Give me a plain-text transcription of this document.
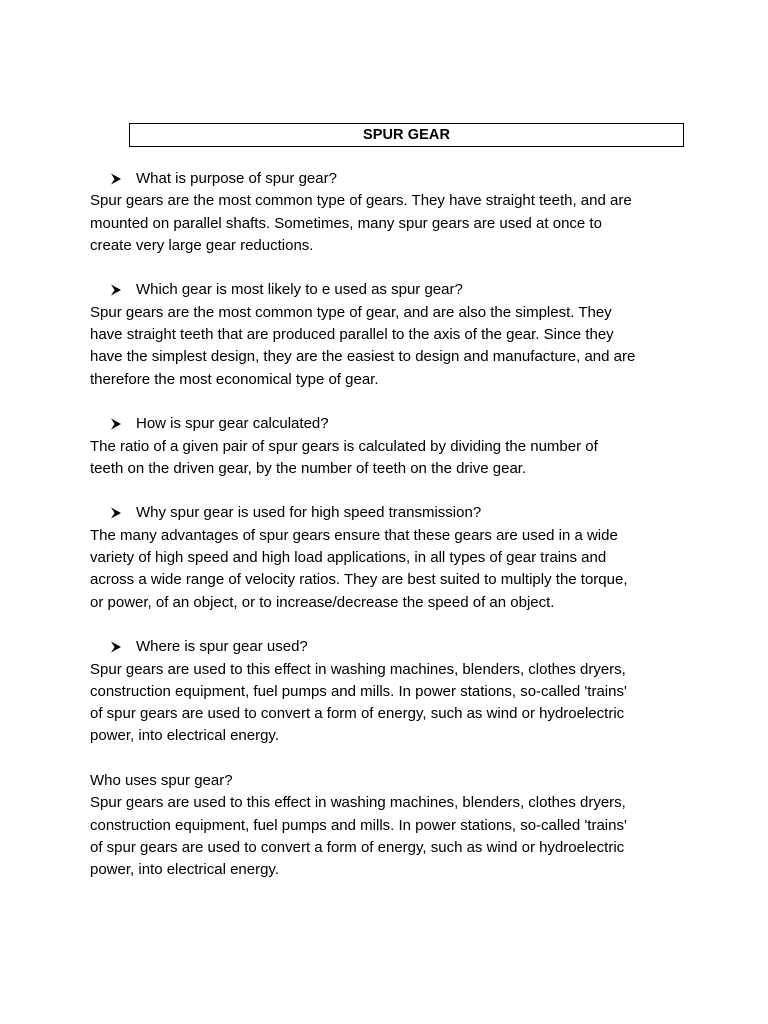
SPUR GEAR
What is purpose of spur gear?
Spur gears are the most common type of gears. They have straight teeth, and are
mounted on parallel shafts. Sometimes, many spur gears are used at once to
create very large gear reductions.
Which gear is most likely to e used as spur gear?
Spur gears are the most common type of gear, and are also the simplest. They
have straight teeth that are produced parallel to the axis of the gear. Since they
have the simplest design, they are the easiest to design and manufacture, and are
therefore the most economical type of gear.
How is spur gear calculated?
The ratio of a given pair of spur gears is calculated by dividing the number of
teeth on the driven gear, by the number of teeth on the drive gear.
Why spur gear is used for high speed transmission?
The many advantages of spur gears ensure that these gears are used in a wide
variety of high speed and high load applications, in all types of gear trains and
across a wide range of velocity ratios. They are best suited to multiply the torque,
or power, of an object, or to increase/decrease the speed of an object.
Where is spur gear used?
Spur gears are used to this effect in washing machines, blenders, clothes dryers,
construction equipment, fuel pumps and mills. In power stations, so-called 'trains'
of spur gears are used to convert a form of energy, such as wind or hydroelectric
power, into electrical energy.
Who uses spur gear?
Spur gears are used to this effect in washing machines, blenders, clothes dryers,
construction equipment, fuel pumps and mills. In power stations, so-called 'trains'
of spur gears are used to convert a form of energy, such as wind or hydroelectric
power, into electrical energy.
